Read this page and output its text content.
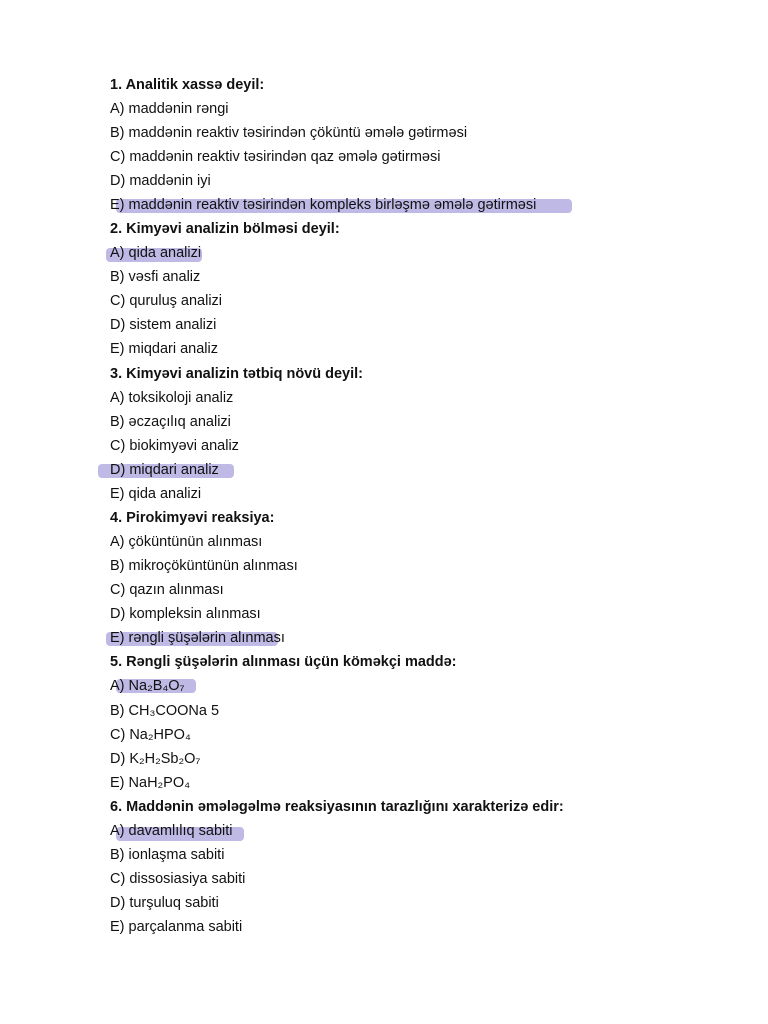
1. Analitik xassə deyil:
A) maddənin rəngi
B) maddənin reaktiv təsirindən çöküntü əmələ gətirməsi
C) maddənin reaktiv təsirindən qaz əmələ gətirməsi
D) maddənin iyi
E) maddənin reaktiv təsirindən kompleks birləşmə əmələ gətirməsi
2. Kimyəvi analizin bölməsi deyil:
A) qida analizi
B) vəsfi analiz
C) quruluş analizi
D) sistem analizi
E) miqdari analiz
3. Kimyəvi analizin tətbiq növü deyil:
A) toksikoloji analiz
B) əczaçılıq analizi
C) biokimyəvi analiz
D) miqdari analiz
E) qida analizi
4. Pirokimyəvi reaksiya:
A) çöküntünün alınması
B) mikroçöküntünün alınması
C) qazın alınması
D) kompleksin alınması
E) rəngli şüşələrin alınması
5. Rəngli şüşələrin alınması üçün köməkçi maddə:
A) Na₂B₄O₇
B) CH₃COONa 5
C) Na₂HPO₄
D) K₂H₂Sb₂O₇
E) NaH₂PO₄
6. Maddənin əmələgəlmə reaksiyasının tarazlığını xarakterizə edir:
A) davamlılıq sabiti
B) ionlaşma sabiti
C) dissosiasiya sabiti
D) turşuluq sabiti
E) parçalanma sabiti
